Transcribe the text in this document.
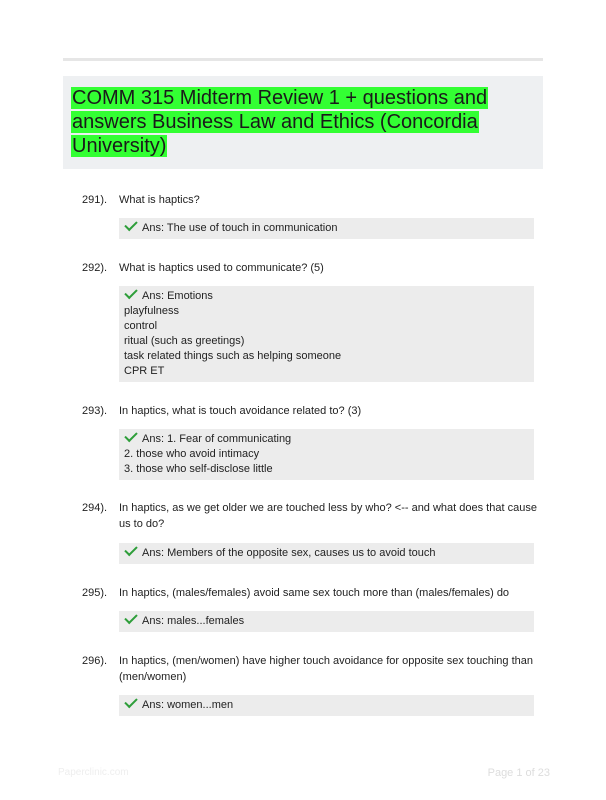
COMM 315 Midterm Review 1 + questions and answers Business Law and Ethics (Concordia University)
291). What is haptics?
Ans: The use of touch in communication
292). What is haptics used to communicate? (5)
Ans: Emotions
playfulness
control
ritual (such as greetings)
task related things such as helping someone
CPR ET
293). In haptics, what is touch avoidance related to? (3)
Ans: 1. Fear of communicating
2. those who avoid intimacy
3. those who self-disclose little
294). In haptics, as we get older we are touched less by who? <-- and what does that cause us to do?
Ans: Members of the opposite sex, causes us to avoid touch
295). In haptics, (males/females) avoid same sex touch more than (males/females) do
Ans: males...females
296). In haptics, (men/women) have higher touch avoidance for opposite sex touching than (men/women)
Ans: women...men
Paperclinic.com	Page 1 of 23
